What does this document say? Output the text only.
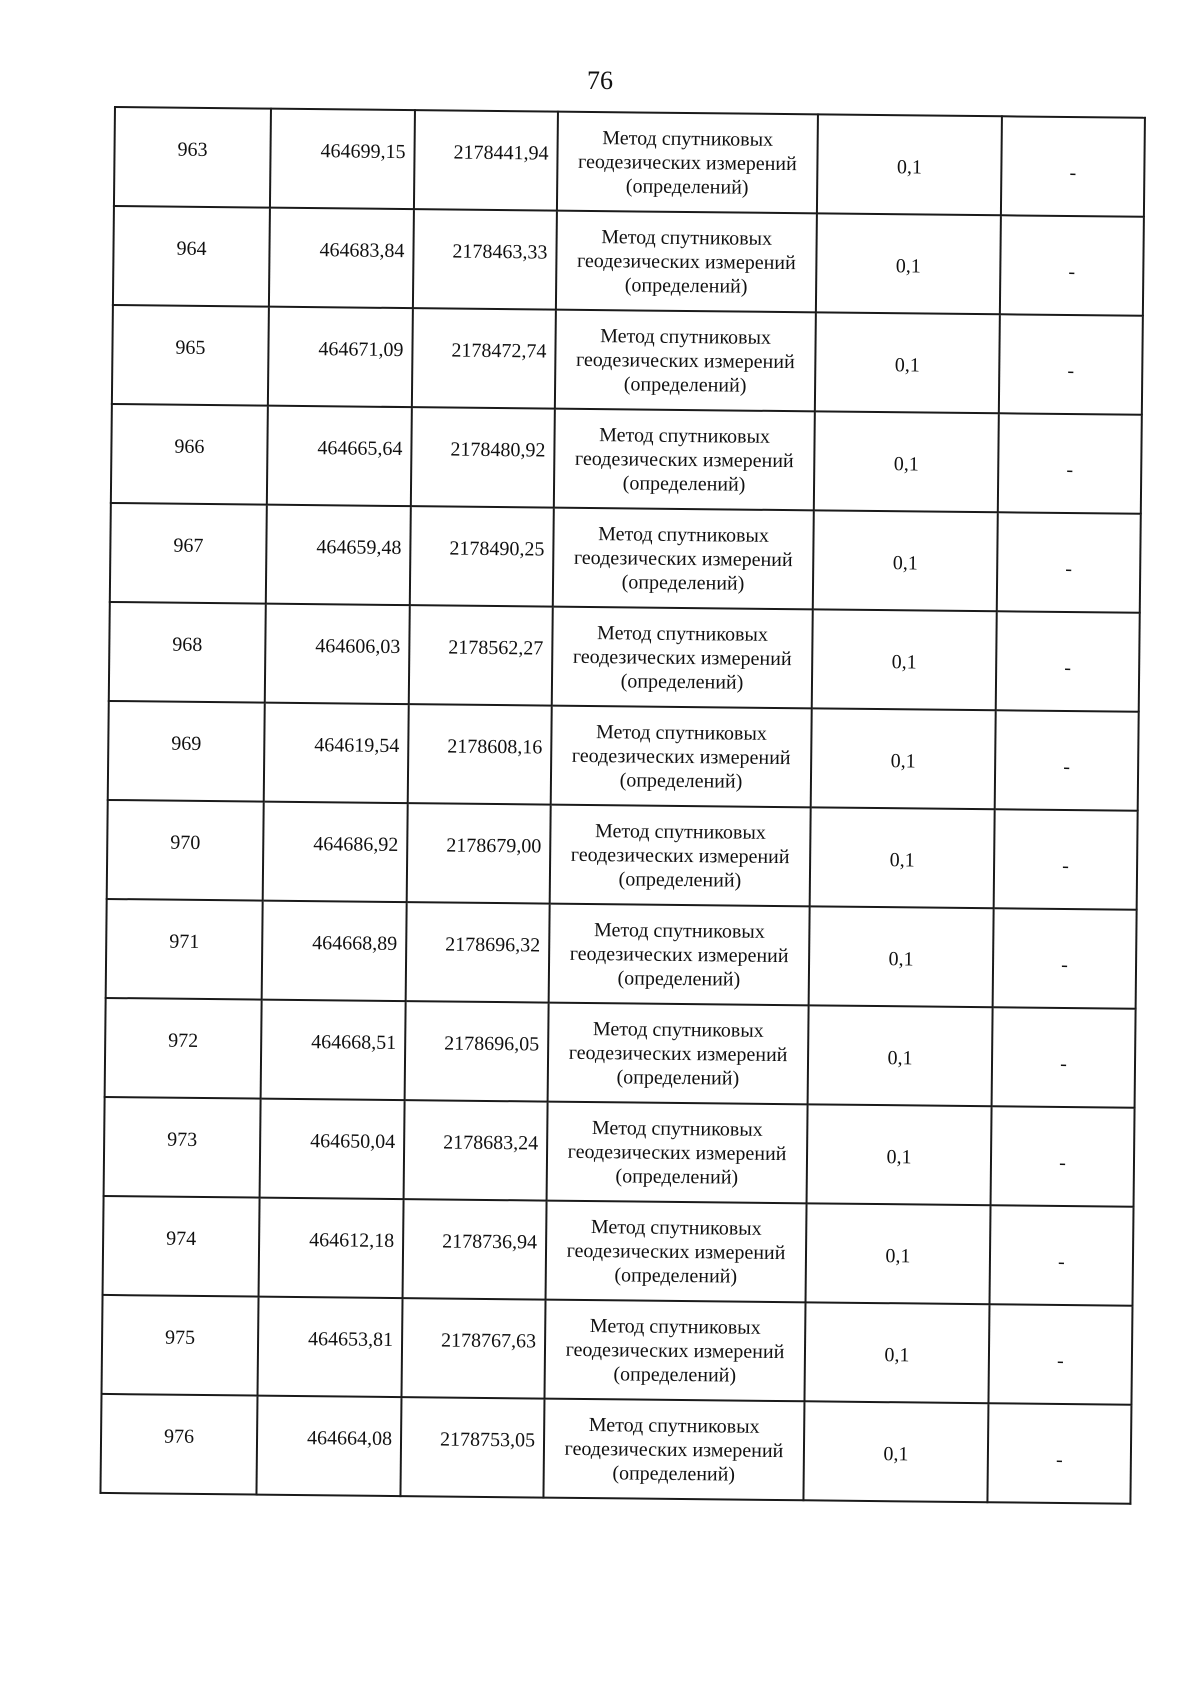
76
963	464699,15	2178441,94	Метод спутниковых
геодезических измерений
(определений)	0,1	-
964	464683,84	2178463,33	Метод спутниковых
геодезических измерений
(определений)	0,1	-
965	464671,09	2178472,74	Метод спутниковых
геодезических измерений
(определений)	0,1	-
966	464665,64	2178480,92	Метод спутниковых
геодезических измерений
(определений)	0,1	-
967	464659,48	2178490,25	Метод спутниковых
геодезических измерений
(определений)	0,1	-
968	464606,03	2178562,27	Метод спутниковых
геодезических измерений
(определений)	0,1	-
969	464619,54	2178608,16	Метод спутниковых
геодезических измерений
(определений)	0,1	-
970	464686,92	2178679,00	Метод спутниковых
геодезических измерений
(определений)	0,1	-
971	464668,89	2178696,32	Метод спутниковых
геодезических измерений
(определений)	0,1	-
972	464668,51	2178696,05	Метод спутниковых
геодезических измерений
(определений)	0,1	-
973	464650,04	2178683,24	Метод спутниковых
геодезических измерений
(определений)	0,1	-
974	464612,18	2178736,94	Метод спутниковых
геодезических измерений
(определений)	0,1	-
975	464653,81	2178767,63	Метод спутниковых
геодезических измерений
(определений)	0,1	-
976	464664,08	2178753,05	Метод спутниковых
геодезических измерений
(определений)	0,1	-
